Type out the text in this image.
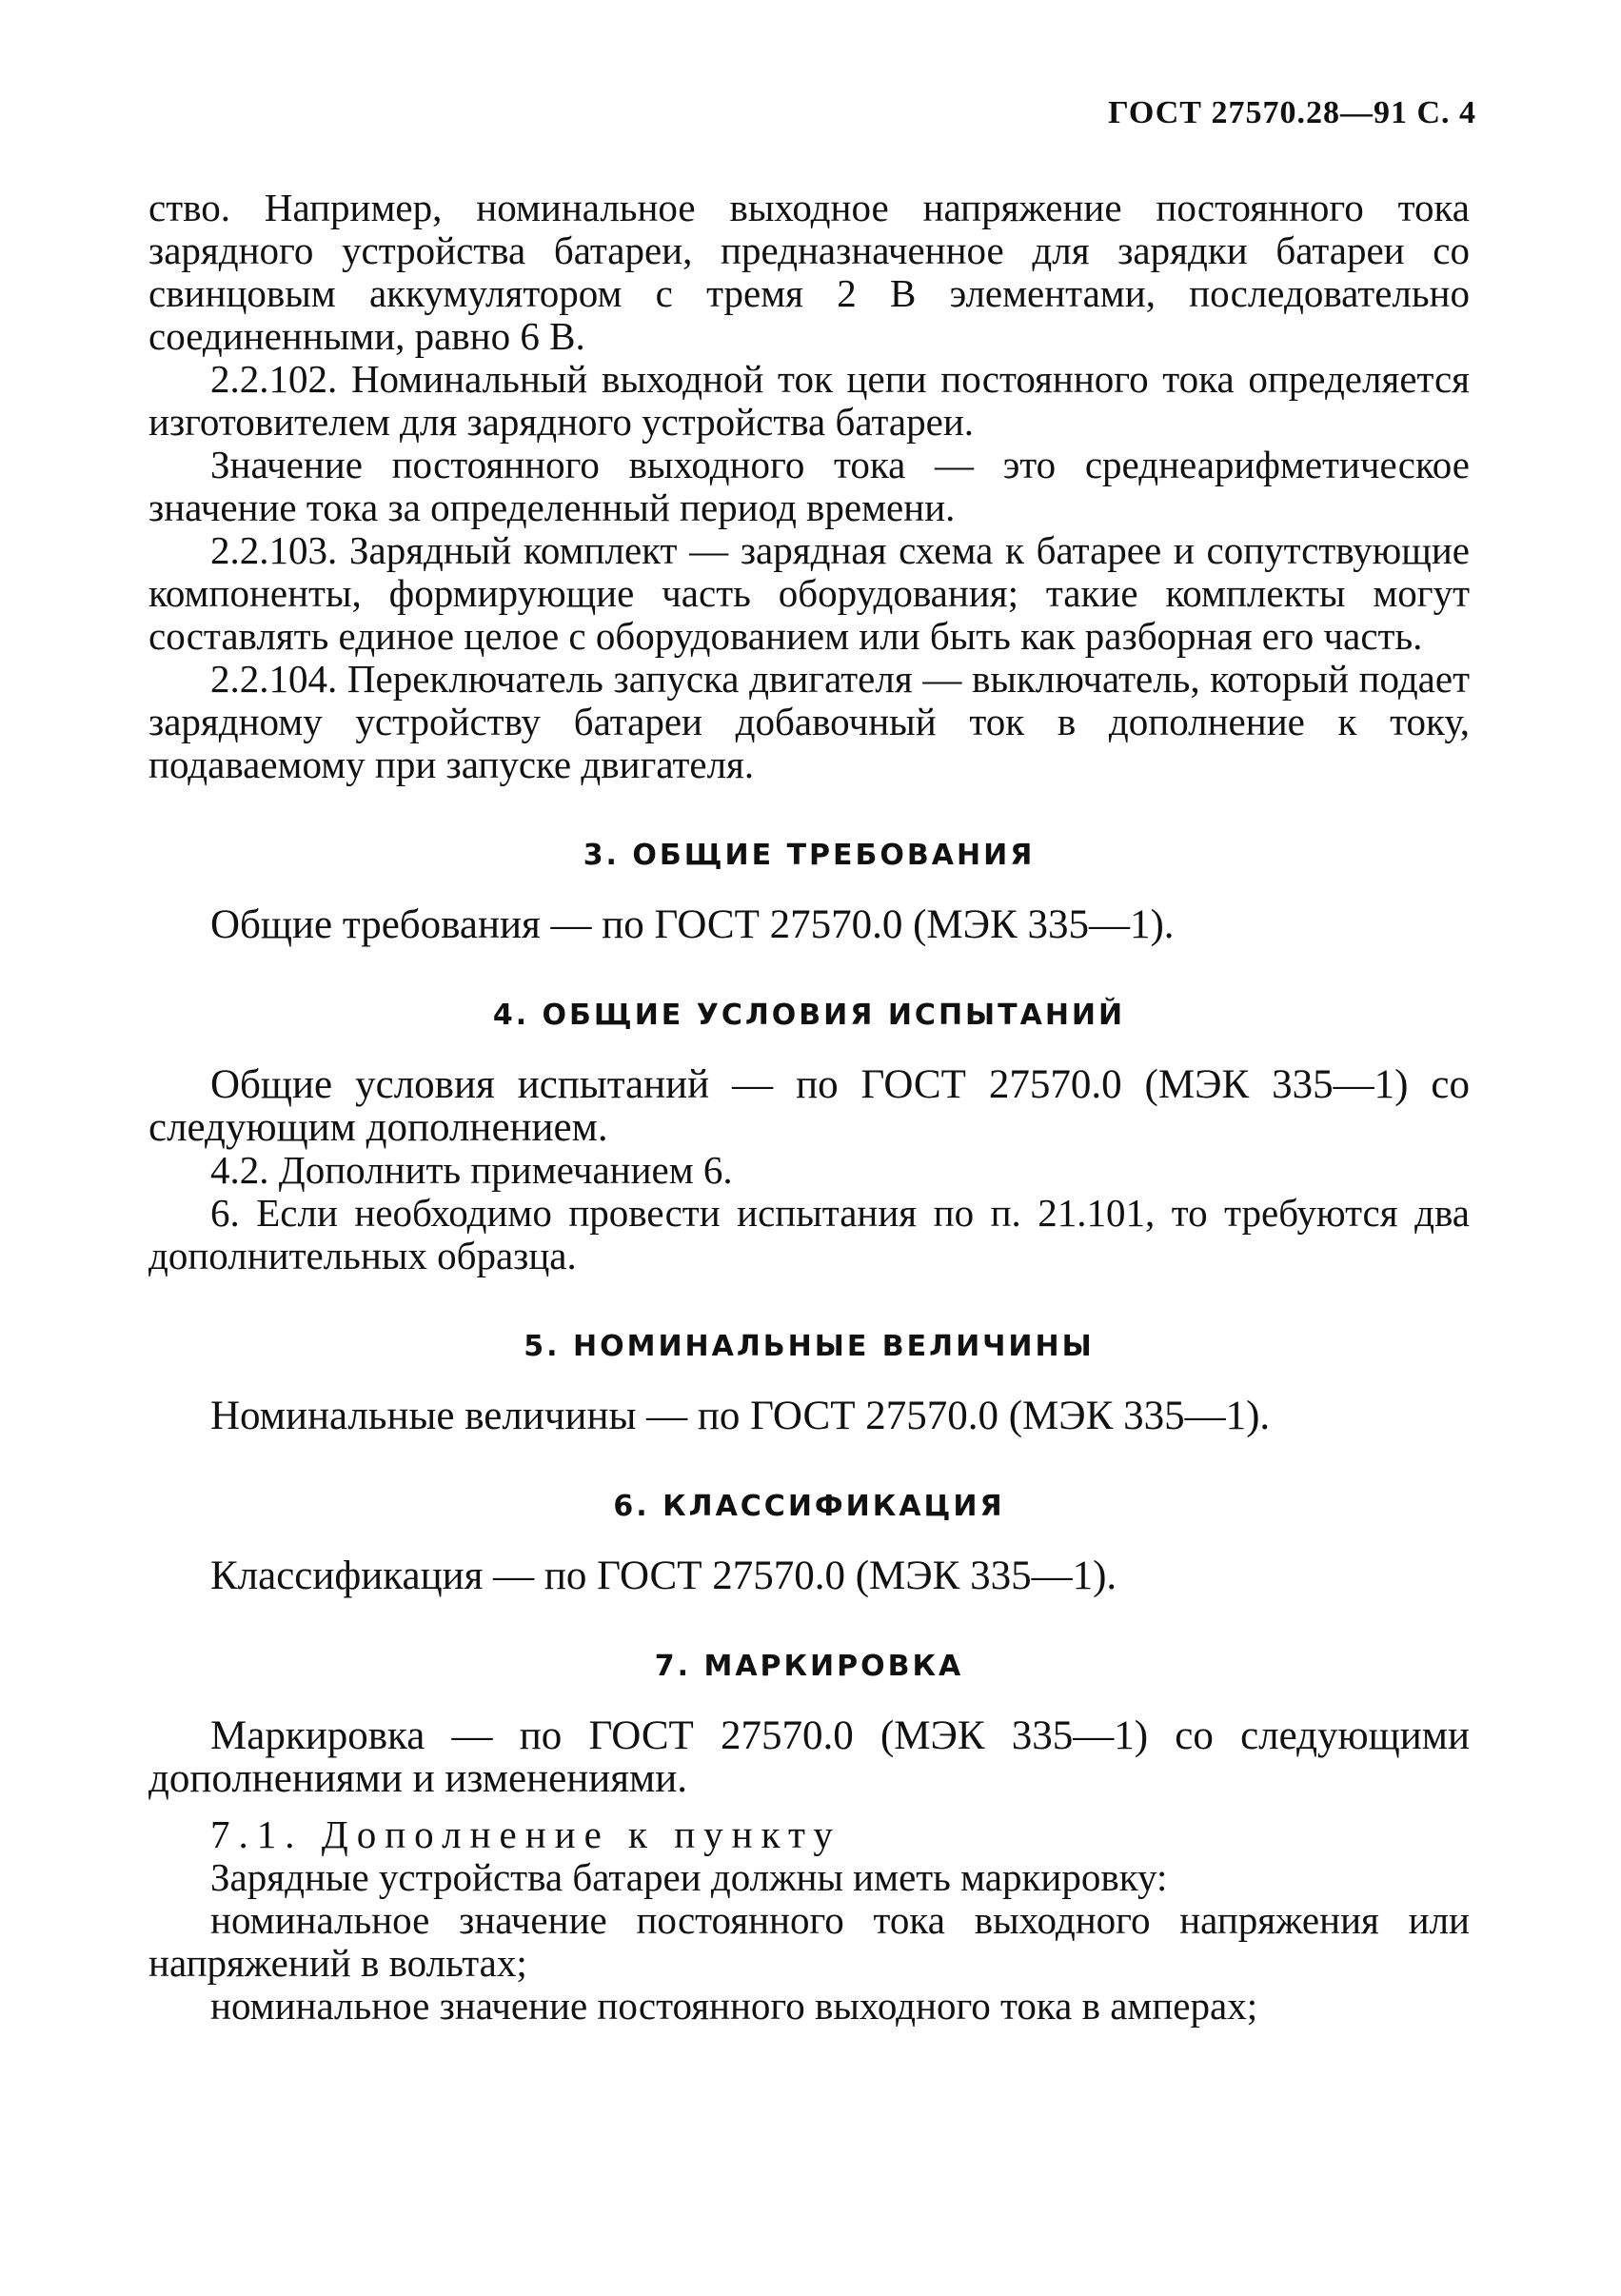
ГОСТ 27570.28—91 С. 4

ство. Например, номинальное выходное напряжение постоянного тока зарядного устройства батареи, предназначенное для зарядки батареи со свинцовым аккумулятором с тремя 2 В элементами, последовательно соединенными, равно 6 В.

2.2.102. Номинальный выходной ток цепи постоянного тока определяется изготовителем для зарядного устройства батареи.

Значение постоянного выходного тока — это среднеарифметическое значение тока за определенный период времени.

2.2.103. Зарядный комплект — зарядная схема к батарее и сопутствующие компоненты, формирующие часть оборудования; такие комплекты могут составлять единое целое с оборудованием или быть как разборная его часть.

2.2.104. Переключатель запуска двигателя — выключатель, который подает зарядному устройству батареи добавочный ток в дополнение к току, подаваемому при запуске двигателя.

3. ОБЩИЕ ТРЕБОВАНИЯ

Общие требования — по ГОСТ 27570.0 (МЭК 335—1).

4. ОБЩИЕ УСЛОВИЯ ИСПЫТАНИЙ

Общие условия испытаний — по ГОСТ 27570.0 (МЭК 335—1) со следующим дополнением.

4.2. Дополнить примечанием 6.

6. Если необходимо провести испытания по п. 21.101, то требуются два дополнительных образца.

5. НОМИНАЛЬНЫЕ ВЕЛИЧИНЫ

Номинальные величины — по ГОСТ 27570.0 (МЭК 335—1).

6. КЛАССИФИКАЦИЯ

Классификация — по ГОСТ 27570.0 (МЭК 335—1).

7. МАРКИРОВКА

Маркировка — по ГОСТ 27570.0 (МЭК 335—1) со следующими дополнениями и изменениями.

7.1. Дополнение к пункту

Зарядные устройства батареи должны иметь маркировку:

номинальное значение постоянного тока выходного напряжения или напряжений в вольтах;

номинальное значение постоянного выходного тока в амперах;
